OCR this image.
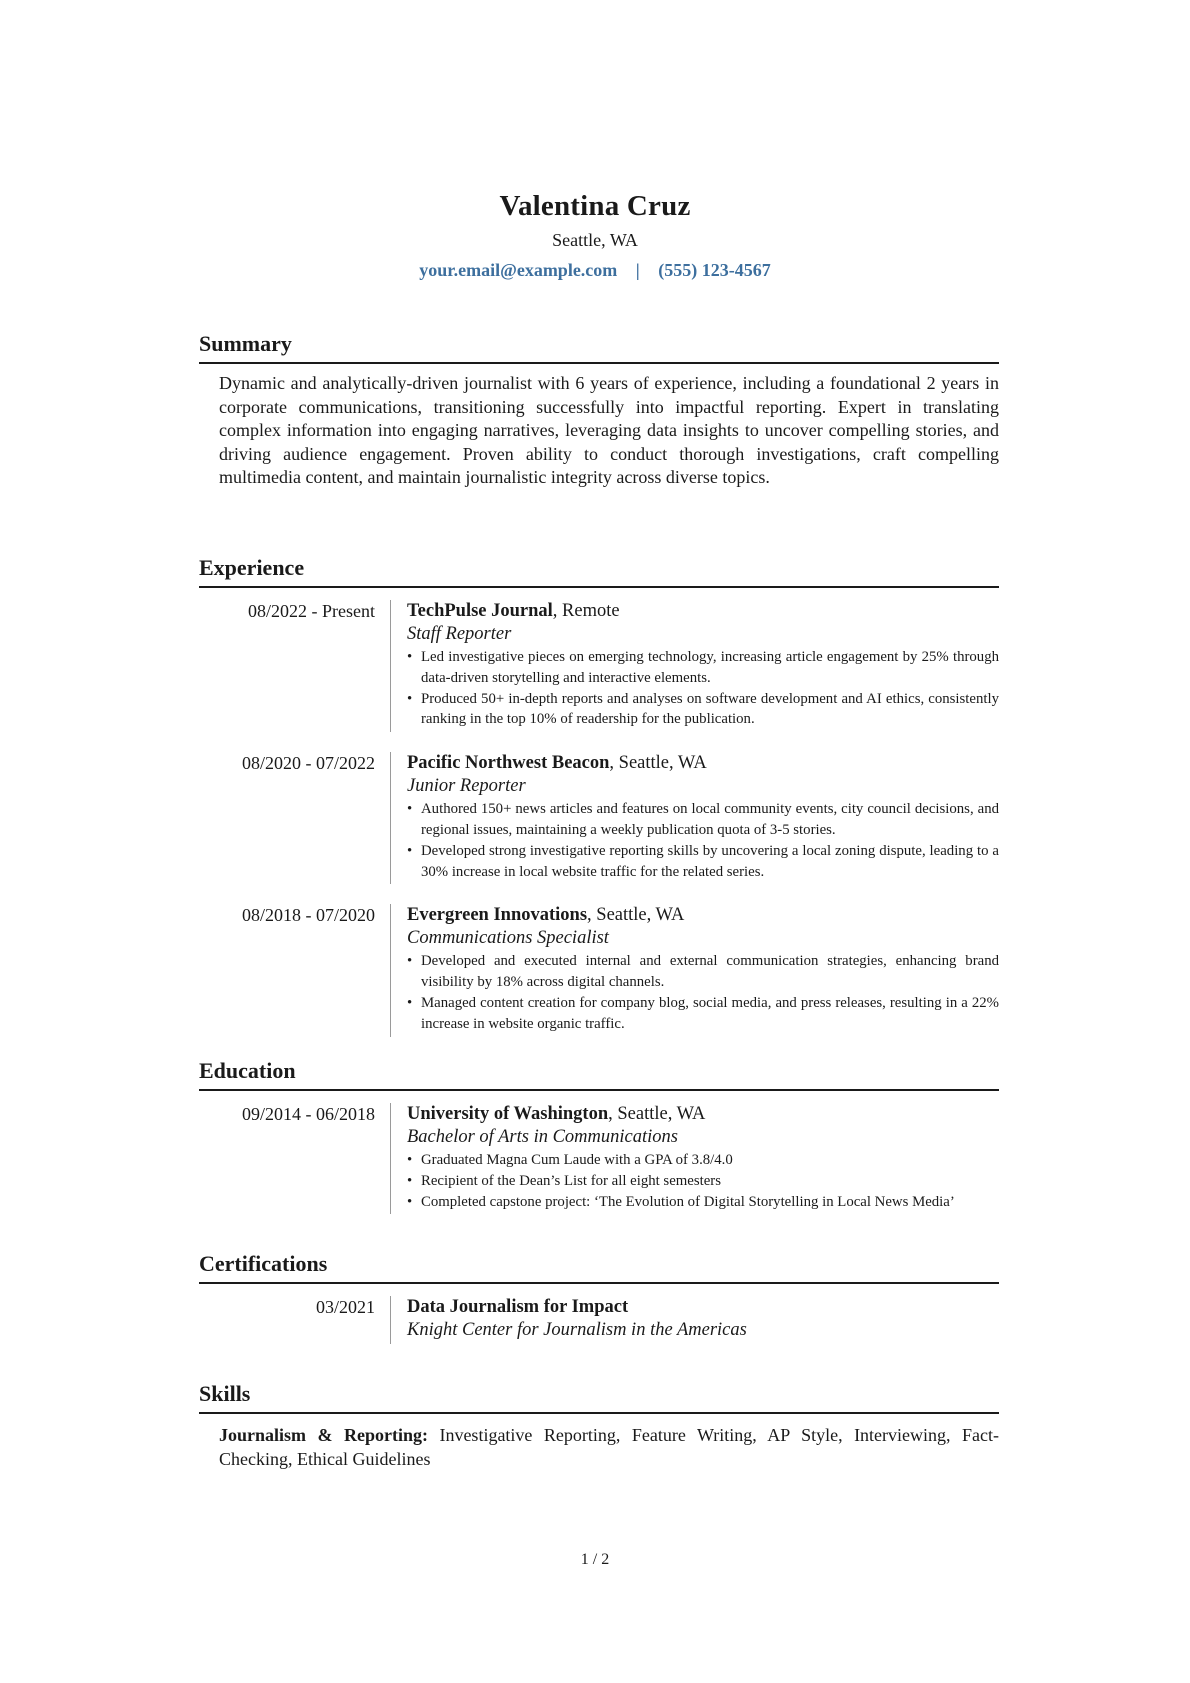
Valentina Cruz
Seattle, WA
your.email@example.com | (555) 123-4567
Summary
Dynamic and analytically-driven journalist with 6 years of experience, including a foundational 2 years in corporate communications, transitioning successfully into impactful reporting. Expert in translating complex information into engaging narratives, leveraging data insights to uncover compelling stories, and driving audience engagement. Proven ability to conduct thorough investigations, craft compelling multimedia content, and maintain journalistic integrity across diverse topics.
Experience
08/2022 - Present TechPulse Journal, Remote
Staff Reporter
• Led investigative pieces on emerging technology, increasing article engagement by 25% through data-driven storytelling and interactive elements.
• Produced 50+ in-depth reports and analyses on software development and AI ethics, consistently ranking in the top 10% of readership for the publication.
08/2020 - 07/2022 Pacific Northwest Beacon, Seattle, WA
Junior Reporter
• Authored 150+ news articles and features on local community events, city council decisions, and regional issues, maintaining a weekly publication quota of 3-5 stories.
• Developed strong investigative reporting skills by uncovering a local zoning dispute, leading to a 30% increase in local website traffic for the related series.
08/2018 - 07/2020 Evergreen Innovations, Seattle, WA
Communications Specialist
• Developed and executed internal and external communication strategies, enhancing brand visibility by 18% across digital channels.
• Managed content creation for company blog, social media, and press releases, resulting in a 22% increase in website organic traffic.
Education
09/2014 - 06/2018 University of Washington, Seattle, WA
Bachelor of Arts in Communications
• Graduated Magna Cum Laude with a GPA of 3.8/4.0
• Recipient of the Dean’s List for all eight semesters
• Completed capstone project: ‘The Evolution of Digital Storytelling in Local News Media’
Certifications
03/2021 Data Journalism for Impact
Knight Center for Journalism in the Americas
Skills
Journalism & Reporting: Investigative Reporting, Feature Writing, AP Style, Interviewing, Fact-Checking, Ethical Guidelines
1 / 2
